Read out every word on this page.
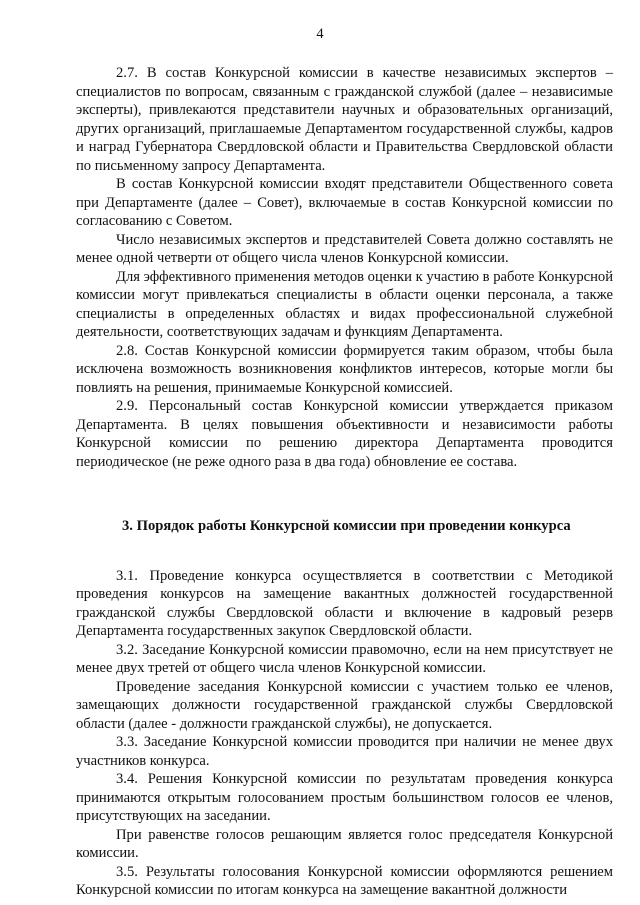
4

2.7. В состав Конкурсной комиссии в качестве независимых экспертов – специалистов по вопросам, связанным с гражданской службой (далее – независимые эксперты), привлекаются представители научных и образовательных организаций, других организаций, приглашаемые Департаментом государственной службы, кадров и наград Губернатора Свердловской области и Правительства Свердловской области по письменному запросу Департамента.

В состав Конкурсной комиссии входят представители Общественного совета при Департаменте (далее – Совет), включаемые в состав Конкурсной комиссии по согласованию с Советом.

Число независимых экспертов и представителей Совета должно составлять не менее одной четверти от общего числа членов Конкурсной комиссии.

Для эффективного применения методов оценки к участию в работе Конкурсной комиссии могут привлекаться специалисты в области оценки персонала, а также специалисты в определенных областях и видах профессиональной служебной деятельности, соответствующих задачам и функциям Департамента.

2.8. Состав Конкурсной комиссии формируется таким образом, чтобы была исключена возможность возникновения конфликтов интересов, которые могли бы повлиять на решения, принимаемые Конкурсной комиссией.

2.9. Персональный состав Конкурсной комиссии утверждается приказом Департамента. В целях повышения объективности и независимости работы Конкурсной комиссии по решению директора Департамента проводится периодическое (не реже одного раза в два года) обновление ее состава.

3. Порядок работы Конкурсной комиссии при проведении конкурса

3.1. Проведение конкурса осуществляется в соответствии с Методикой проведения конкурсов на замещение вакантных должностей государственной гражданской службы Свердловской области и включение в кадровый резерв Департамента государственных закупок Свердловской области.

3.2. Заседание Конкурсной комиссии правомочно, если на нем присутствует не менее двух третей от общего числа членов Конкурсной комиссии.

Проведение заседания Конкурсной комиссии с участием только ее членов, замещающих должности государственной гражданской службы Свердловской области (далее - должности гражданской службы), не допускается.

3.3. Заседание Конкурсной комиссии проводится при наличии не менее двух участников конкурса.

3.4. Решения Конкурсной комиссии по результатам проведения конкурса принимаются открытым голосованием простым большинством голосов ее членов, присутствующих на заседании.

При равенстве голосов решающим является голос председателя Конкурсной комиссии.

3.5. Результаты голосования Конкурсной комиссии оформляются решением Конкурсной комиссии по итогам конкурса на замещение вакантной должности
